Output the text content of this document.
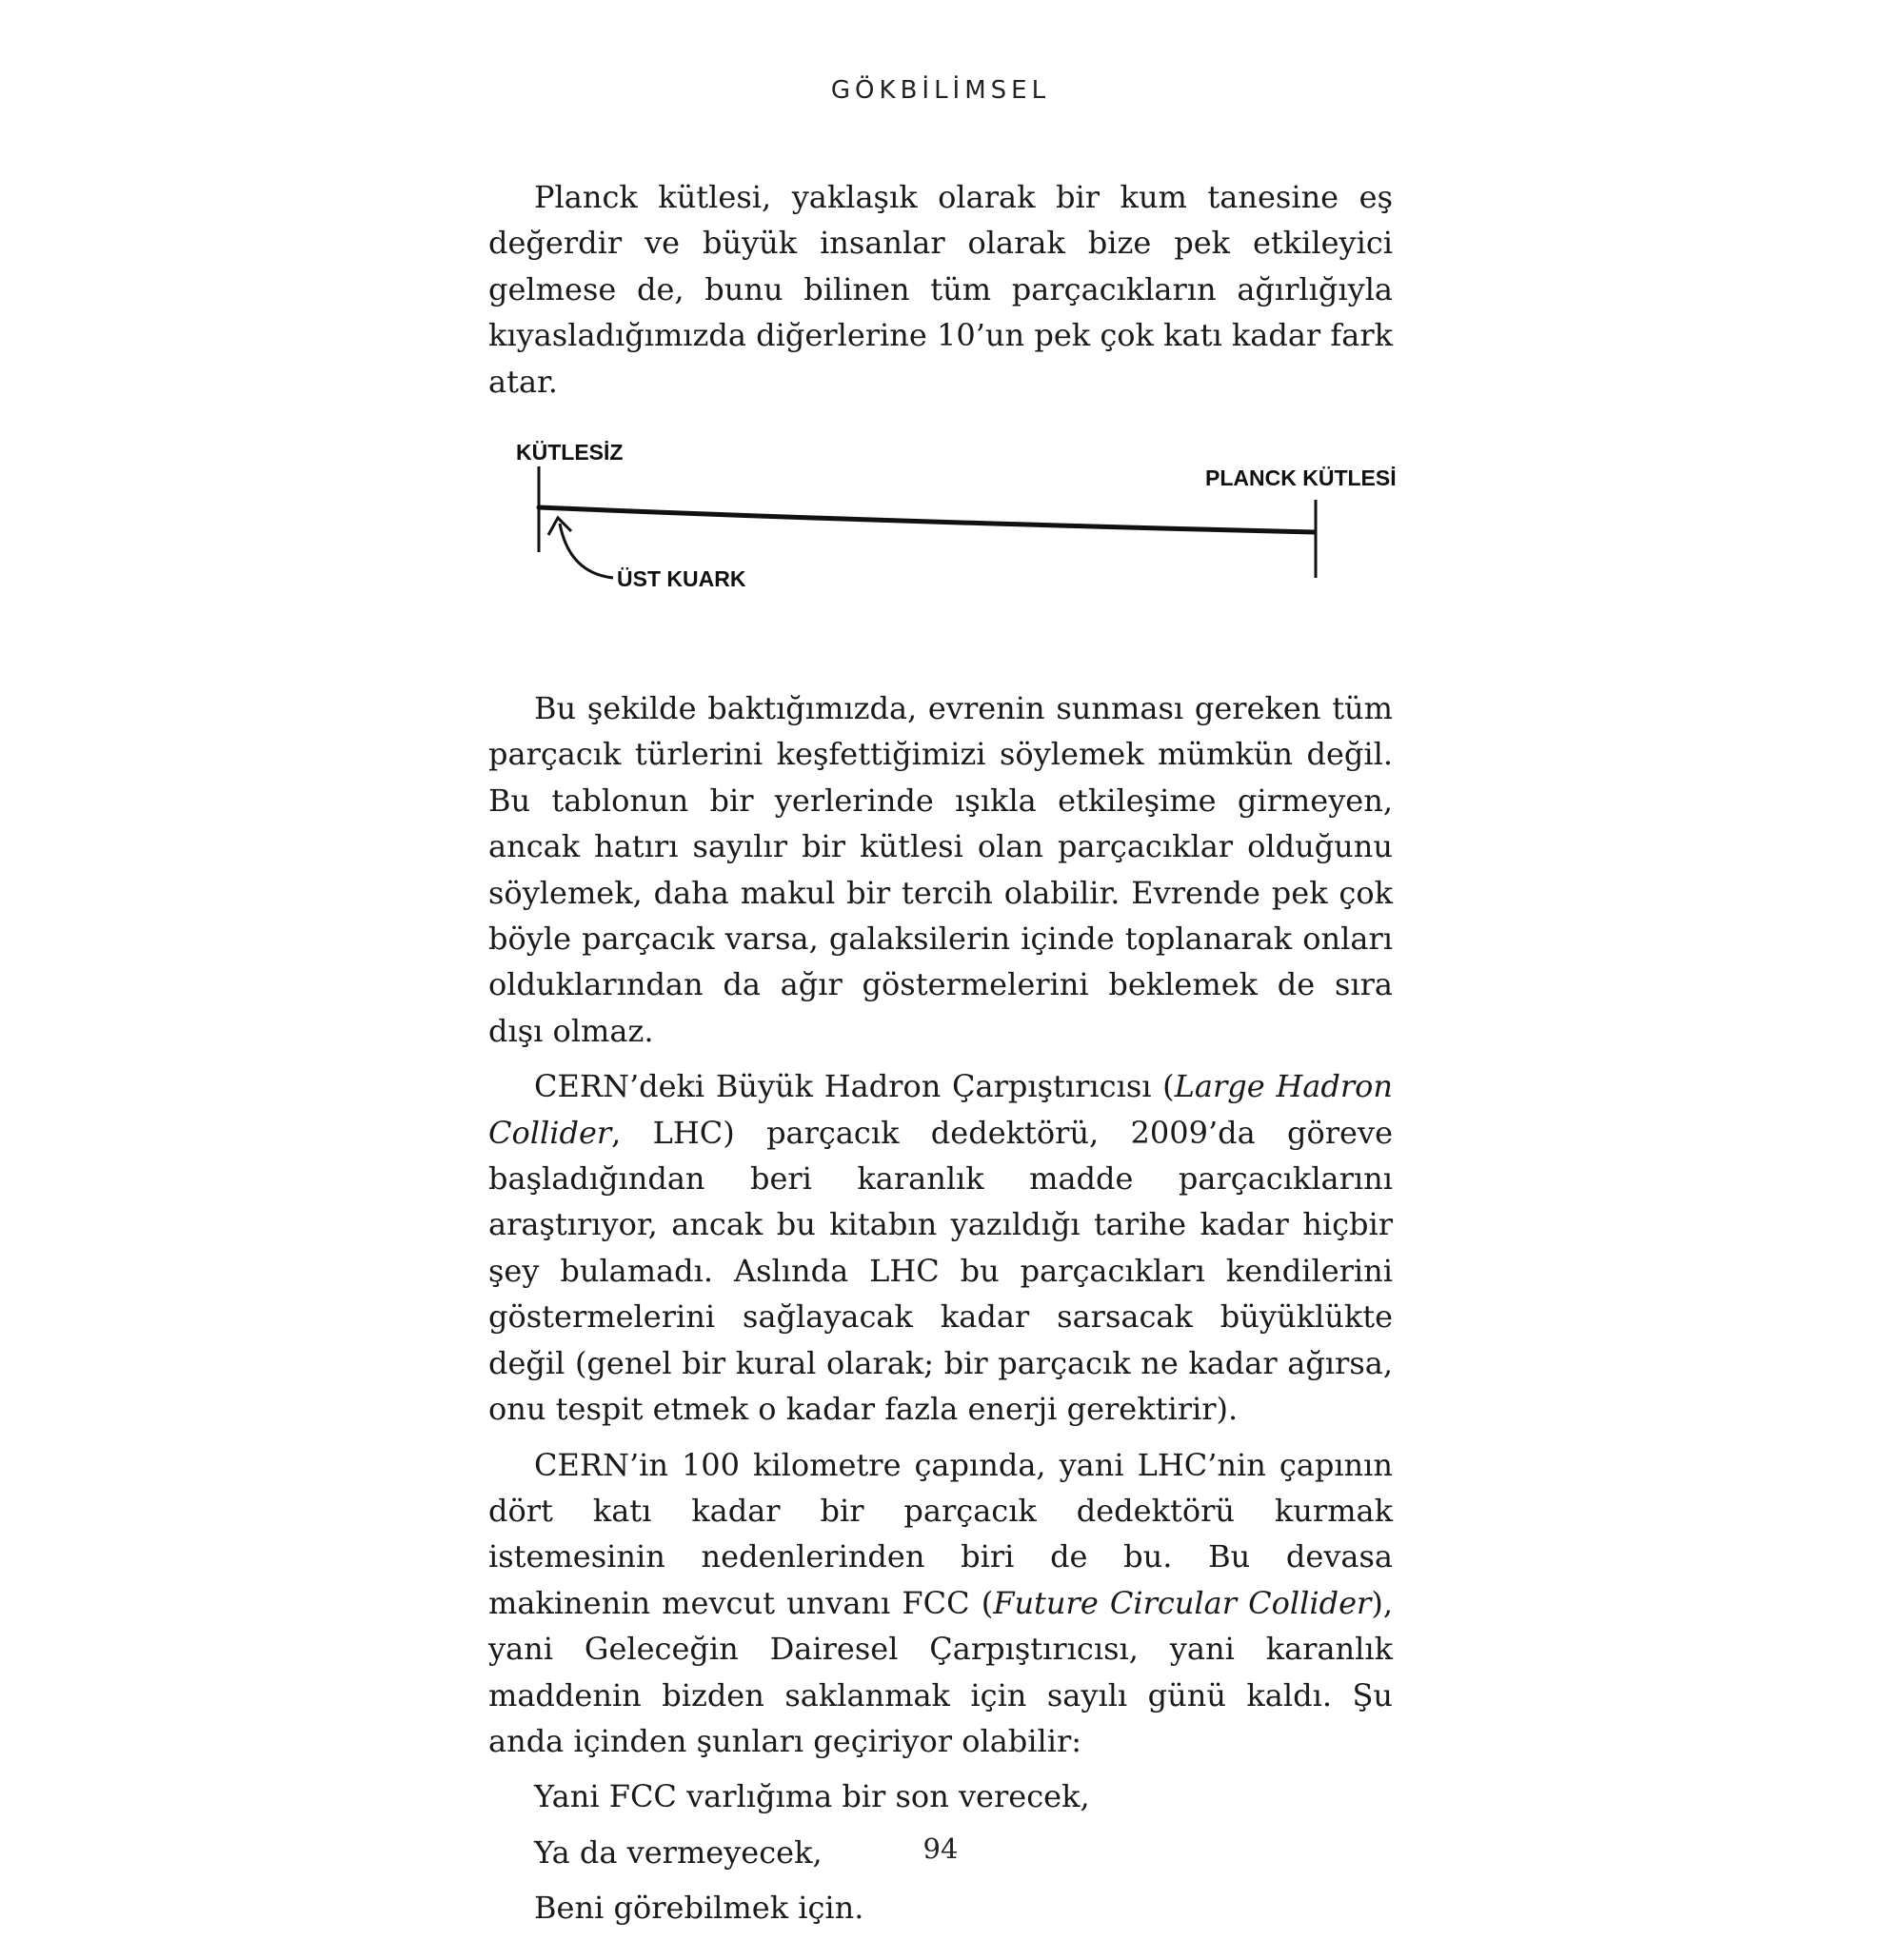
GÖKBİLİMSEL

Planck kütlesi, yaklaşık olarak bir kum tanesine eş değerdir ve büyük insanlar olarak bize pek etkileyici gelmese de, bunu bilinen tüm parçacıkların ağırlığıyla kıyasladığımızda diğerlerine 10’un pek çok katı kadar fark atar.

KÜTLESİZ
PLANCK KÜTLESİ
ÜST KUARK

Bu şekilde baktığımızda, evrenin sunması gereken tüm parçacık türlerini keşfettiğimizi söylemek mümkün değil. Bu tablonun bir yerlerinde ışıkla etkileşime girmeyen, ancak hatırı sayılır bir kütlesi olan parçacıklar olduğunu söylemek, daha makul bir tercih olabilir. Evrende pek çok böyle parçacık varsa, galaksilerin içinde toplanarak onları olduklarından da ağır göstermelerini beklemek de sıra dışı olmaz.

CERN’deki Büyük Hadron Çarpıştırıcısı (Large Hadron Collider, LHC) parçacık dedektörü, 2009’da göreve başladığından beri karanlık madde parçacıklarını araştırıyor, ancak bu kitabın yazıldığı tarihe kadar hiçbir şey bulamadı. Aslında LHC bu parçacıkları kendilerini göstermelerini sağlayacak kadar sarsacak büyüklükte değil (genel bir kural olarak; bir parçacık ne kadar ağırsa, onu tespit etmek o kadar fazla enerji gerektirir).

CERN’in 100 kilometre çapında, yani LHC’nin çapının dört katı kadar bir parçacık dedektörü kurmak istemesinin nedenlerinden biri de bu. Bu devasa makinenin mevcut unvanı FCC (Future Circular Collider), yani Geleceğin Dairesel Çarpıştırıcısı, yani karanlık maddenin bizden saklanmak için sayılı günü kaldı. Şu anda içinden şunları geçiriyor olabilir:

Yani FCC varlığıma bir son verecek,

Ya da vermeyecek,

Beni görebilmek için.

94
